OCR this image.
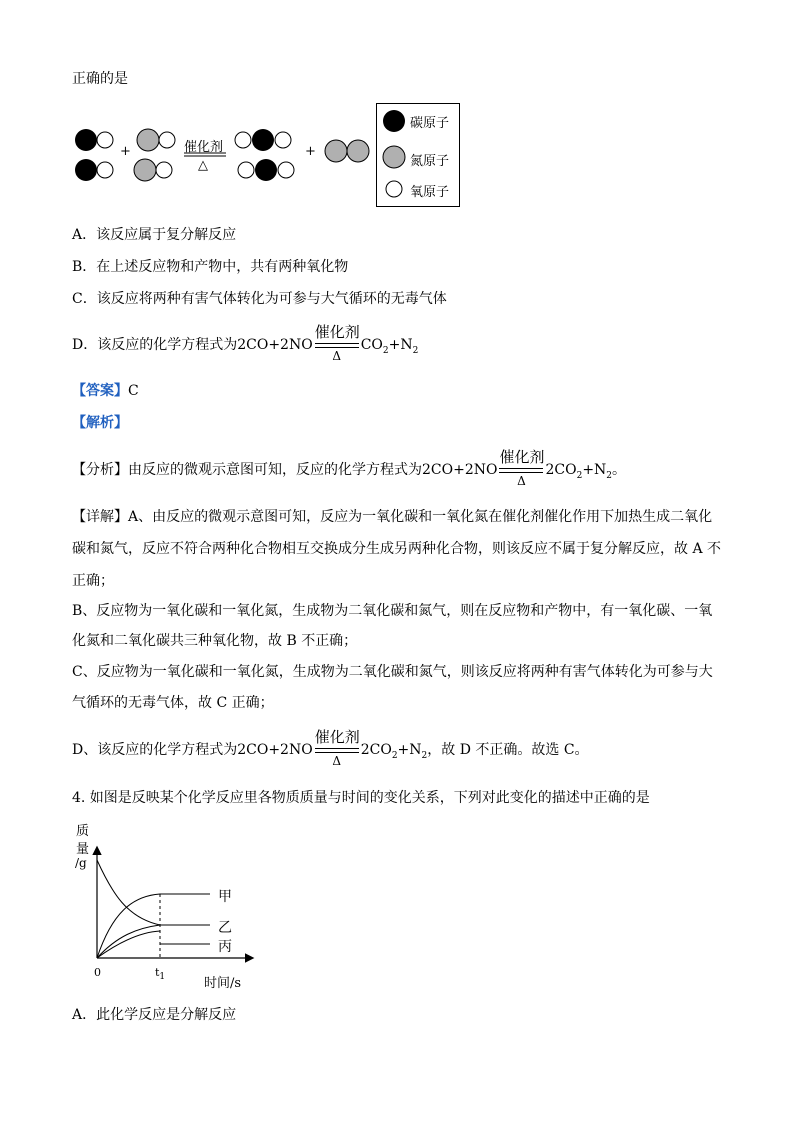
正确的是
+	+
催化剂
△
碳原子
氮原子
氧原子
A．该反应属于复分解反应
B．在上述反应物和产物中，共有两种氧化物
C．该反应将两种有害气体转化为可参与大气循环的无毒气体
D．该反应的化学方程式为2CO+2NO
催化剂
Δ
$CO_2+N_2$
【答案】C
【解析】
【分析】由反应的微观示意图可知，反应的化学方程式为2CO+2NO
催化剂
Δ
$2CO_2+N_2$。
【详解】A、由反应的微观示意图可知，反应为一氧化碳和一氧化氮在催化剂催化作用下加热生成二氧化
碳和氮气，反应不符合两种化合物相互交换成分生成另两种化合物，则该反应不属于复分解反应，故 A 不
正确；
B、反应物为一氧化碳和一氧化氮，生成物为二氧化碳和氮气，则在反应物和产物中，有一氧化碳、一氧
化氮和二氧化碳共三种氧化物，故 B 不正确；
C、反应物为一氧化碳和一氧化氮，生成物为二氧化碳和氮气，则该反应将两种有害气体转化为可参与大
气循环的无毒气体，故 C 正确；
D、该反应的化学方程式为2CO+2NO
催化剂
Δ
$2CO_2+N_2$，故 D 不正确。故选 C。
4. 如图是反映某个化学反应里各物质质量与时间的变化关系，下列对此变化的描述中正确的是
质
量
/g
甲
乙
丙
0	$t_1$	时间/s
A．此化学反应是分解反应
